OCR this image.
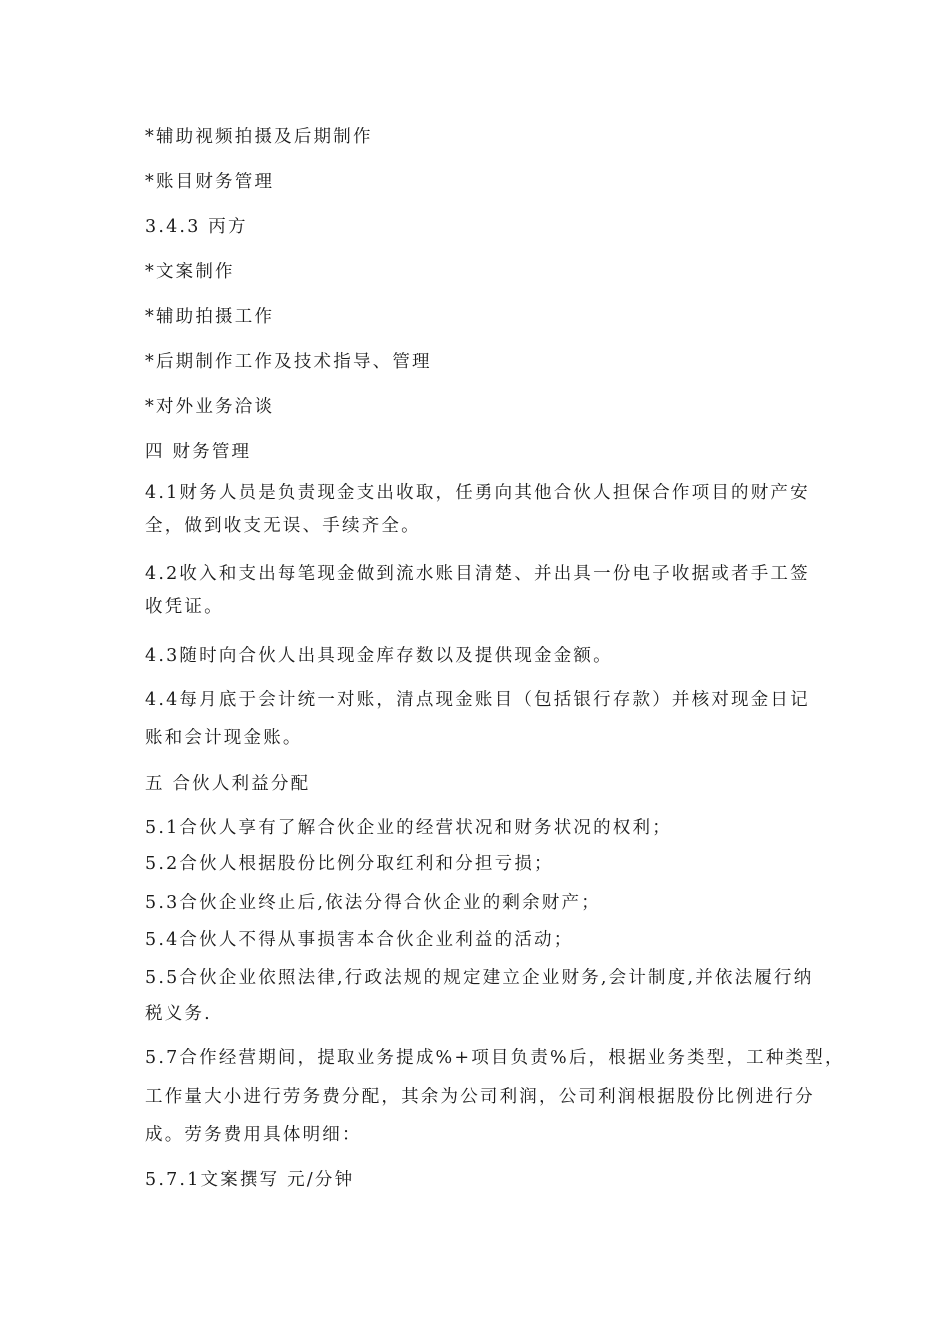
*辅助视频拍摄及后期制作
*账目财务管理
3.4.3 丙方
*文案制作
*辅助拍摄工作
*后期制作工作及技术指导、管理
*对外业务洽谈
四 财务管理
4.1财务人员是负责现金支出收取，任勇向其他合伙人担保合作项目的财产安
全，做到收支无误、手续齐全。
4.2收入和支出每笔现金做到流水账目清楚、并出具一份电子收据或者手工签
收凭证。
4.3随时向合伙人出具现金库存数以及提供现金金额。
4.4每月底于会计统一对账，清点现金账目（包括银行存款）并核对现金日记
账和会计现金账。
五 合伙人利益分配
5.1合伙人享有了解合伙企业的经营状况和财务状况的权利；
5.2合伙人根据股份比例分取红利和分担亏损；
5.3合伙企业终止后,依法分得合伙企业的剩余财产；
5.4合伙人不得从事损害本合伙企业利益的活动；
5.5合伙企业依照法律,行政法规的规定建立企业财务,会计制度,并依法履行纳
税义务.
5.7合作经营期间，提取业务提成%+项目负责%后，根据业务类型，工种类型，
工作量大小进行劳务费分配，其余为公司利润，公司利润根据股份比例进行分
成。劳务费用具体明细：
5.7.1文案撰写 元/分钟
